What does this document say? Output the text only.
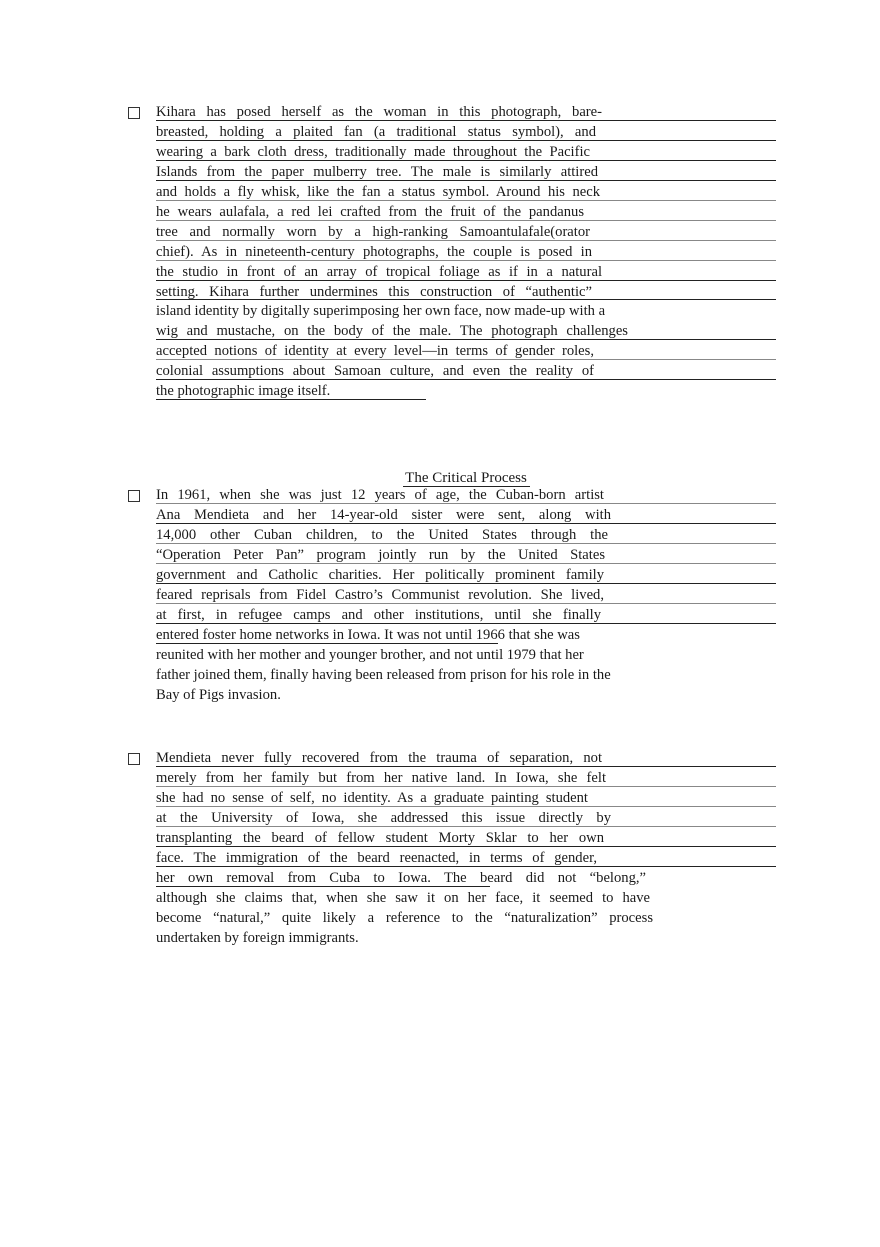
Kihara has posed herself as the woman in this photograph, bare-
breasted, holding a plaited fan (a traditional status symbol), and
wearing a bark cloth dress, traditionally made throughout the Pacific
Islands from the paper mulberry tree. The male is similarly attired
and holds a fly whisk, like the fan a status symbol. Around his neck
he wears aulafala, a red lei crafted from the fruit of the pandanus
tree and normally worn by a high-ranking Samoantulafale(orator
chief). As in nineteenth-century photographs, the couple is posed in
the studio in front of an array of tropical foliage as if in a natural
setting. Kihara further undermines this construction of “authentic”
island identity by digitally superimposing her own face, now made-up with a
wig and mustache, on the body of the male. The photograph challenges
accepted notions of identity at every level—in terms of gender roles,
colonial assumptions about Samoan culture, and even the reality of
the photographic image itself.
The Critical Process
In 1961, when she was just 12 years of age, the Cuban-born artist
Ana Mendieta and her 14-year-old sister were sent, along with
14,000 other Cuban children, to the United States through the
“Operation Peter Pan” program jointly run by the United States
government and Catholic charities. Her politically prominent family
feared reprisals from Fidel Castro’s Communist revolution. She lived,
at first, in refugee camps and other institutions, until she finally
entered foster home networks in Iowa. It was not until 1966 that she was
reunited with her mother and younger brother, and not until 1979 that her
father joined them, finally having been released from prison for his role in the
Bay of Pigs invasion.
Mendieta never fully recovered from the trauma of separation, not
merely from her family but from her native land. In Iowa, she felt
she had no sense of self, no identity. As a graduate painting student
at the University of Iowa, she addressed this issue directly by
transplanting the beard of fellow student Morty Sklar to her own
face. The immigration of the beard reenacted, in terms of gender,
her own removal from Cuba to Iowa. The beard did not “belong,”
although she claims that, when she saw it on her face, it seemed to have
become “natural,” quite likely a reference to the “naturalization” process
undertaken by foreign immigrants.
